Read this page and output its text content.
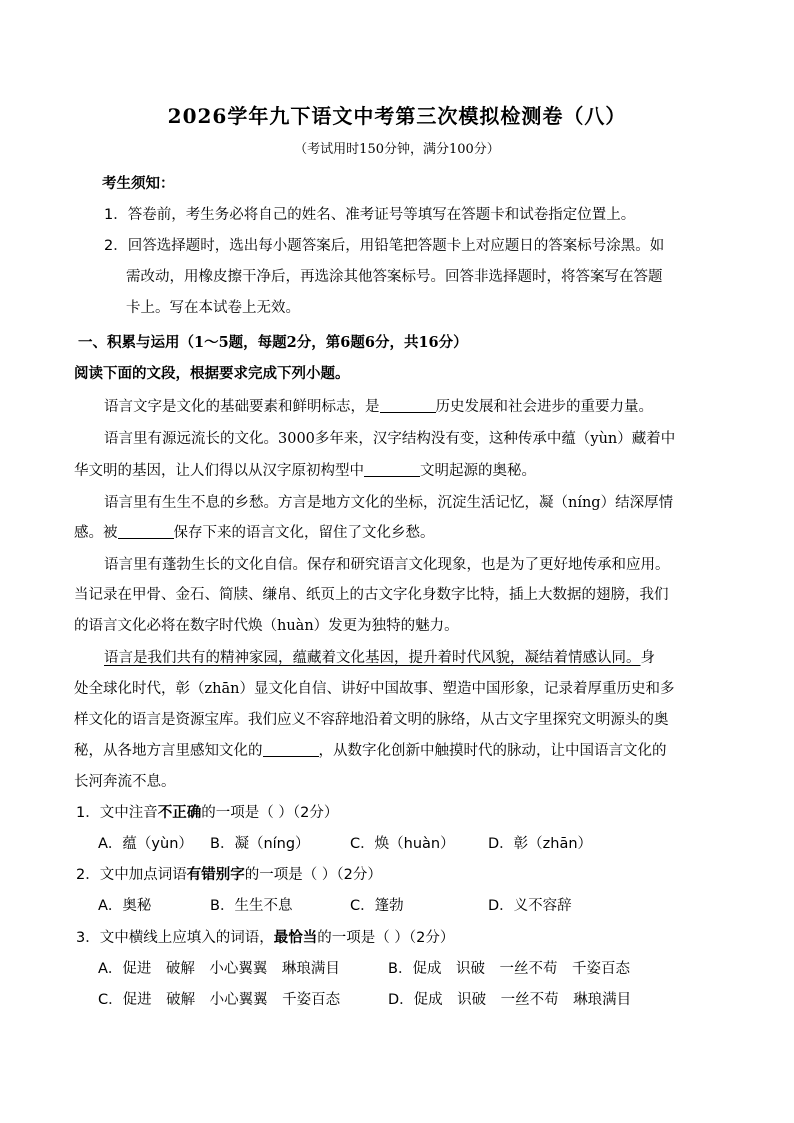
2026学年九下语文中考第三次模拟检测卷（八）
（考试用时150分钟，满分100分）
考生须知：
1．答卷前，考生务必将自己的姓名、准考证号等填写在答题卡和试卷指定位置上。
2．回答选择题时，选出每小题答案后，用铅笔把答题卡上对应题日的答案标号涂黑。如
需改动，用橡皮擦干净后，再选涂其他答案标号。回答非选择题时，将答案写在答题
卡上。写在本试卷上无效。
一、积累与运用（1～5题，每题2分，第6题6分，共16分）
阅读下面的文段，根据要求完成下列小题。
语言文字是文化的基础要素和鲜明标志，是	历史发展和社会进步的重要力量。
语言里有源远流长的文化。3000多年来，汉字结构没有变，这种传承中蕴（yùn）藏着中
华文明的基因，让人们得以从汉字原初构型中	文明起源的奥秘。
语言里有生生不息的乡愁。方言是地方文化的坐标，沉淀生活记忆，凝（níng）结深厚情
感。被	保存下来的语言文化，留住了文化乡愁。
语言里有蓬勃生长的文化自信。保存和研究语言文化现象，也是为了更好地传承和应用。
当记录在甲骨、金石、简牍、缣帛、纸页上的古文字化身数字比特，插上大数据的翅膀，我们
的语言文化必将在数字时代焕（huàn）发更为独特的魅力。
语言是我们共有的精神家园，蕴藏着文化基因，提升着时代风貌，凝结着情感认同。身
处全球化时代，彰（zhān）显文化自信、讲好中国故事、塑造中国形象，记录着厚重历史和多
样文化的语言是资源宝库。我们应义不容辞地沿着文明的脉络，从古文字里探究文明源头的奥
秘，从各地方言里感知文化的	，从数字化创新中触摸时代的脉动，让中国语言文化的
长河奔流不息。
1．文中注音不正确的一项是（ ）（2分）
A．蕴（yùn） B．凝（níng）	C．焕（huàn） D．彰（zhān）
2．文中加点词语有错别字的一项是（ ）（2分）
A．奥秘	B．生生不息	C．篷勃	D．义不容辞
3．文中横线上应填入的词语，最恰当的一项是（ ）（2分）
A．促进　破解　小心翼翼　琳琅满目	B．促成　识破　一丝不苟　千姿百态
C．促进　破解　小心翼翼　千姿百态	D．促成　识破　一丝不苟　琳琅满目
